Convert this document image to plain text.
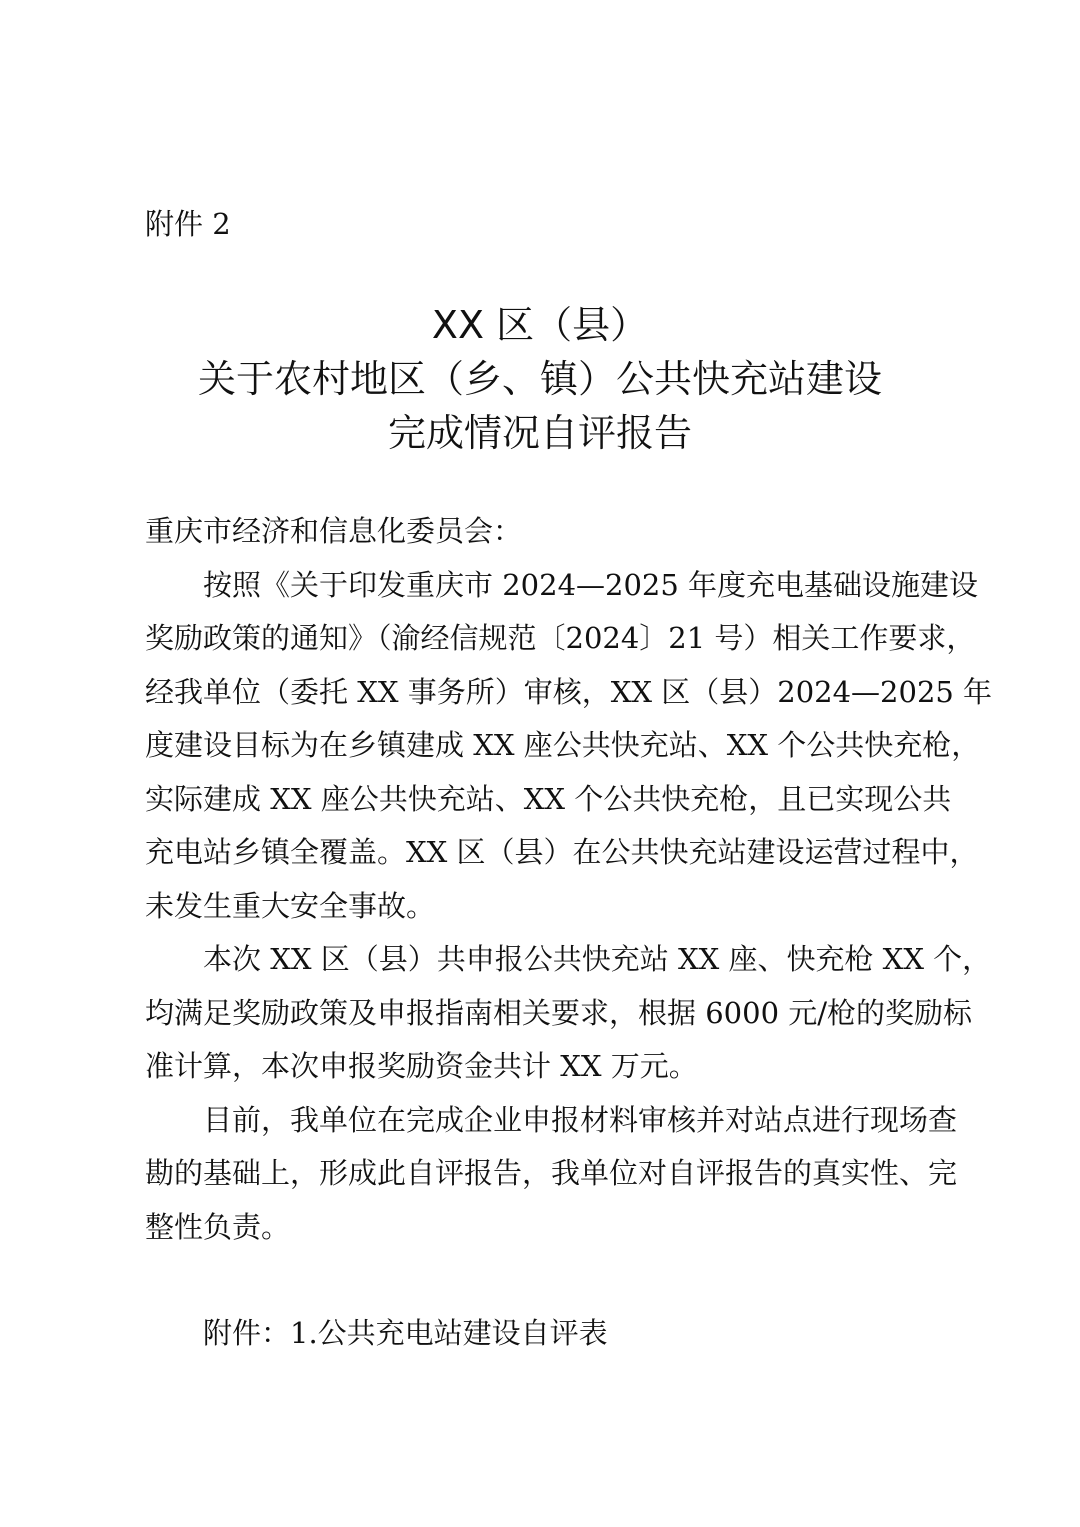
附件 2
XX 区（县）
关于农村地区（乡、镇）公共快充站建设
完成情况自评报告

重庆市经济和信息化委员会：

按照《关于印发重庆市 2024—2025 年度充电基础设施建设
奖励政策的通知》（渝经信规范〔2024〕21 号）相关工作要求，
经我单位（委托 XX 事务所）审核，XX 区（县）2024—2025 年
度建设目标为在乡镇建成 XX 座公共快充站、XX 个公共快充枪，
实际建成 XX 座公共快充站、XX 个公共快充枪，且已实现公共
充电站乡镇全覆盖。XX 区（县）在公共快充站建设运营过程中，
未发生重大安全事故。
本次 XX 区（县）共申报公共快充站 XX 座、快充枪 XX 个，
均满足奖励政策及申报指南相关要求，根据 6000 元/枪的奖励标
准计算，本次申报奖励资金共计 XX 万元。
目前，我单位在完成企业申报材料审核并对站点进行现场查
勘的基础上，形成此自评报告，我单位对自评报告的真实性、完
整性负责。

附件：1.公共充电站建设自评表
